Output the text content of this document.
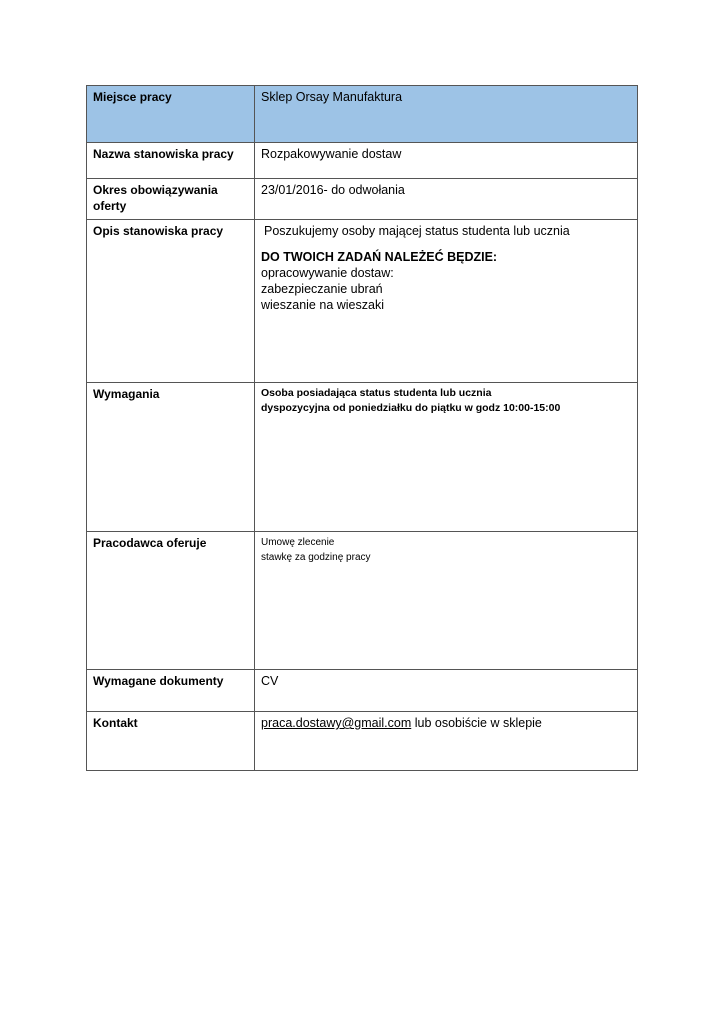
Miejsce pracy	Sklep Orsay Manufaktura
Nazwa stanowiska pracy	Rozpakowywanie dostaw
Okres obowiązywania oferty	23/01/2016- do odwołania
Opis stanowiska pracy	Poszukujemy osoby mającej status studenta lub ucznia
DO TWOICH ZADAŃ NALEŻEĆ BĘDZIE:
opracowywanie dostaw:
zabezpieczanie ubrań
wieszanie na wieszaki

Wymagania	Osoba posiadająca status studenta lub ucznia
dyspozycyjna od poniedziałku do piątku w godz 10:00-15:00

Pracodawca oferuje	Umowę zlecenie
stawkę za godzinę pracy

Wymagane dokumenty	CV
Kontakt	praca.dostawy@gmail.com lub osobiście w sklepie
